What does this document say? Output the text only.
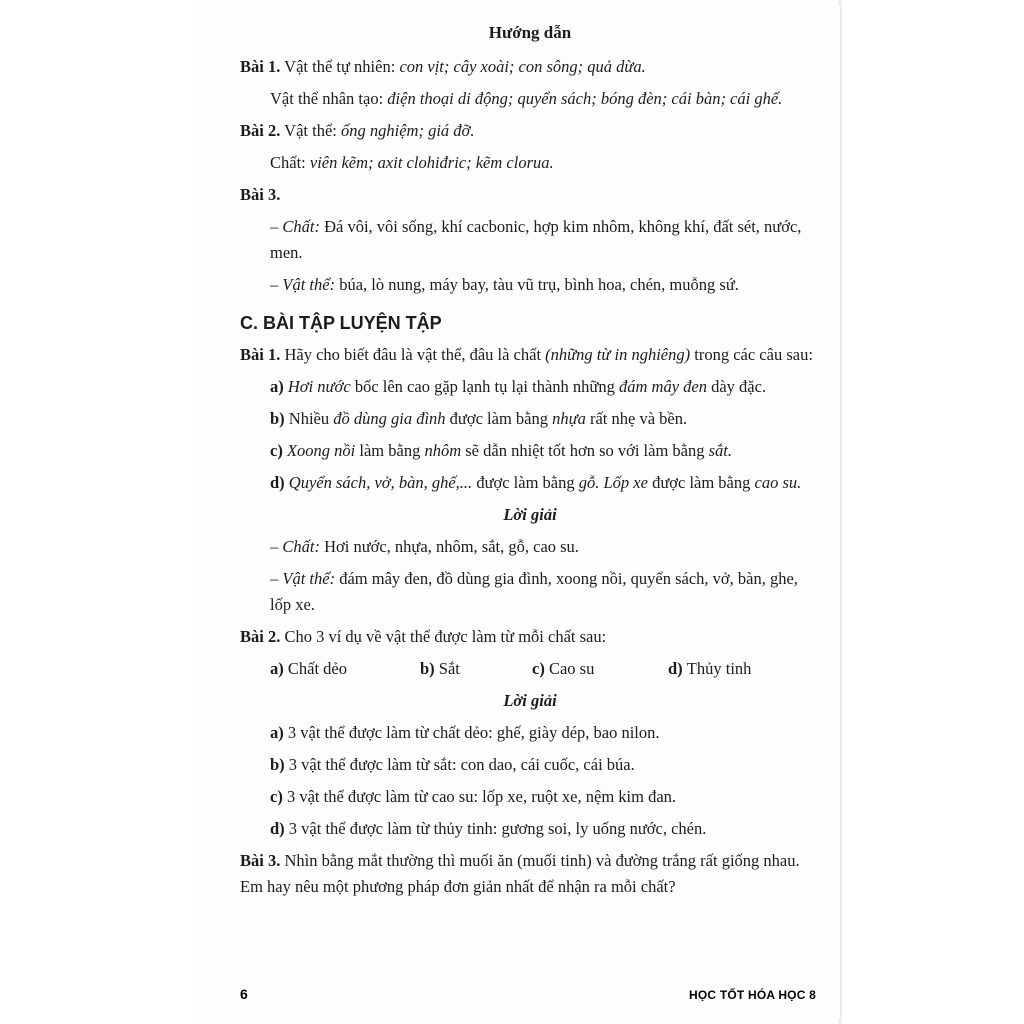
Hướng dẫn
Bài 1. Vật thể tự nhiên: con vịt; cây xoài; con sông; quả dừa.
Vật thể nhân tạo: điện thoại di động; quyển sách; bóng đèn; cái bàn; cái ghế.
Bài 2. Vật thể: ống nghiệm; giá đỡ.
Chất: viên kẽm; axit clohiđric; kẽm clorua.
Bài 3.
– Chất: Đá vôi, vôi sống, khí cacbonic, hợp kim nhôm, không khí, đất sét, nước, men.
– Vật thể: búa, lò nung, máy bay, tàu vũ trụ, bình hoa, chén, muỗng sứ.
C. BÀI TẬP LUYỆN TẬP
Bài 1. Hãy cho biết đâu là vật thể, đâu là chất (những từ in nghiêng) trong các câu sau:
a) Hơi nước bốc lên cao gặp lạnh tụ lại thành những đám mây đen dày đặc.
b) Nhiều đồ dùng gia đình được làm bằng nhựa rất nhẹ và bền.
c) Xoong nồi làm bằng nhôm sẽ dẫn nhiệt tốt hơn so với làm bằng sắt.
d) Quyển sách, vở, bàn, ghế,... được làm bằng gỗ. Lốp xe được làm bằng cao su.
Lời giải
– Chất: Hơi nước, nhựa, nhôm, sắt, gỗ, cao su.
– Vật thể: đám mây đen, đồ dùng gia đình, xoong nồi, quyển sách, vở, bàn, ghe, lốp xe.
Bài 2. Cho 3 ví dụ về vật thể được làm từ mỗi chất sau:
a) Chất dẻo	b) Sắt	c) Cao su	d) Thủy tinh
Lời giải
a) 3 vật thể được làm từ chất dẻo: ghế, giày dép, bao nilon.
b) 3 vật thể được làm từ sắt: con dao, cái cuốc, cái búa.
c) 3 vật thể được làm từ cao su: lốp xe, ruột xe, nệm kim đan.
d) 3 vật thể được làm từ thủy tinh: gương soi, ly uống nước, chén.
Bài 3. Nhìn bằng mắt thường thì muối ăn (muối tinh) và đường trắng rất giống nhau. Em hay nêu một phương pháp đơn giản nhất để nhận ra mỗi chất?
6	HỌC TỐT HÓA HỌC 8
